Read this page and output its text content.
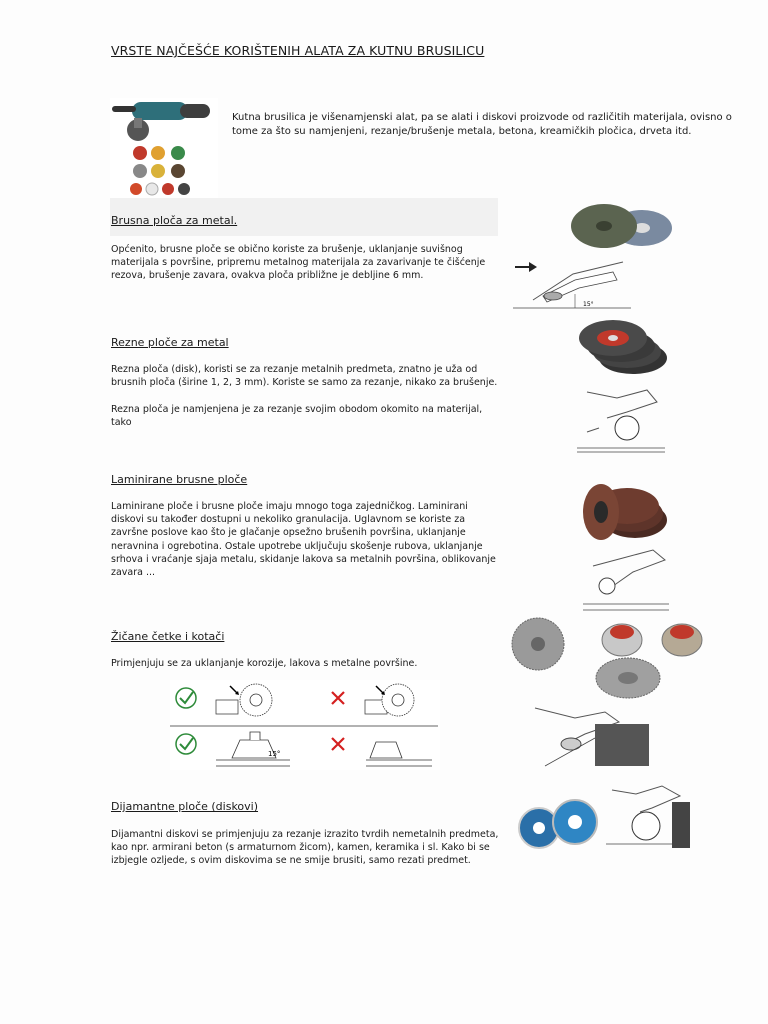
VRSTE NAJČEŠĆE KORIŠTENIH ALATA ZA KUTNU BRUSILICU
Kutna brusilica je višenamjenski alat, pa se alati i diskovi proizvode od različitih materijala, ovisno o tome za što su namjenjeni, rezanje/brušenje metala, betona, kreamičkih pločica, drveta itd.
Brusna ploča za metal.
Općenito, brusne ploče se obično koriste za brušenje, uklanjanje suvišnog materijala s površine, pripremu metalnog materijala za zavarivanje te čišćenje rezova, brušenje zavara, ovakva ploča približne je debljine 6 mm.
15°
Rezne ploče za metal
Rezna ploča (disk), koristi se za rezanje metalnih predmeta, znatno je uža od brusnih ploča (širine 1, 2, 3 mm). Koriste se samo za rezanje, nikako za brušenje.
Rezna ploča je namjenjena je za rezanje svojim obodom okomito na materijal, tako
Laminirane brusne ploče
Laminirane ploče i brusne ploče imaju mnogo toga zajedničkog. Laminirani diskovi su također dostupni u nekoliko granulacija. Uglavnom se koriste za završne poslove kao što je glačanje opsežno brušenih površina, uklanjanje neravnina i ogrebotina. Ostale upotrebe uključuju skošenje rubova, uklanjanje srhova i vraćanje sjaja metalu, skidanje lakova sa metalnih površina, oblikovanje zavara ...
Žičane četke i kotači
Primjenjuju se za uklanjanje korozije, lakova s metalne površine.
15°
Dijamantne ploče (diskovi)
Dijamantni diskovi se primjenjuju za rezanje izrazito tvrdih nemetalnih predmeta, kao npr. armirani beton (s armaturnom žicom), kamen, keramika i sl. Kako bi se izbjegle ozljede, s ovim diskovima se ne smije brusiti, samo rezati predmet.
